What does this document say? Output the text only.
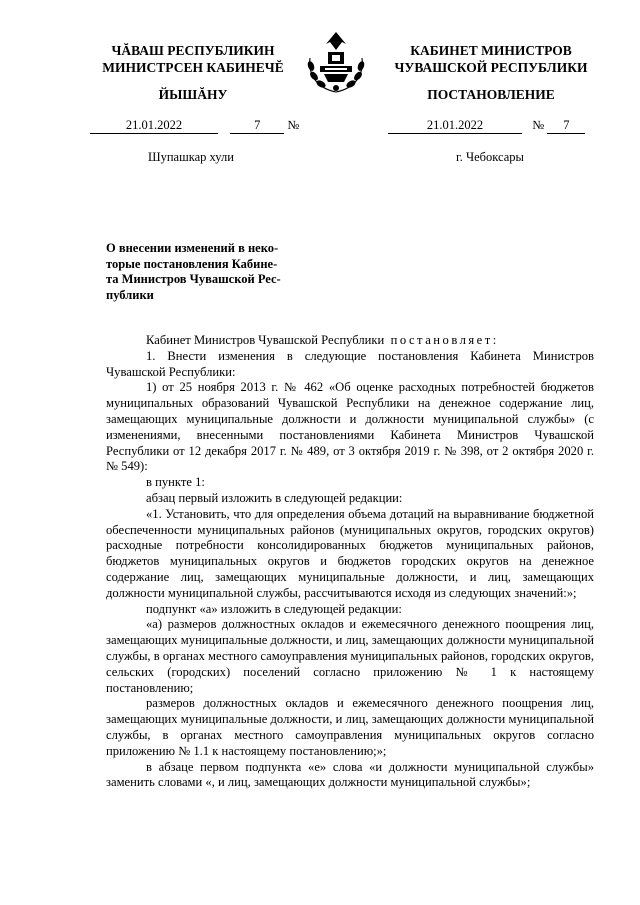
ЧĂВАШ РЕСПУБЛИКИН
МИНИСТРСЕН КАБИНЕЧĔ
КАБИНЕТ МИНИСТРОВ
ЧУВАШСКОЙ РЕСПУБЛИКИ
ЙЫШĂНУ	ПОСТАНОВЛЕНИЕ
21.01.2022	7 №	21.01.2022	№ 7
Шупашкар хули	г. Чебоксары
О внесении изменений в неко-
торые постановления Кабине-
та Министров Чувашской Рес-
публики

Кабинет Министров Чувашской Республики постановляет:

1. Внести изменения в следующие постановления Кабинета Министров Чувашской Республики:

1) от 25 ноября 2013 г. № 462 «Об оценке расходных потребностей бюджетов муниципальных образований Чувашской Республики на денежное содержание лиц, замещающих муниципальные должности и должности муниципальной службы» (с изменениями, внесенными постановлениями Кабинета Министров Чувашской Республики от 12 декабря 2017 г. № 489, от 3 октября 2019 г. № 398, от 2 октября 2020 г. № 549):

в пункте 1:

абзац первый изложить в следующей редакции:

«1. Установить, что для определения объема дотаций на выравнивание бюджетной обеспеченности муниципальных районов (муниципальных округов, городских округов) расходные потребности консолидированных бюджетов муниципальных районов, бюджетов муниципальных округов и бюджетов городских округов на денежное содержание лиц, замещающих муниципальные должности, и лиц, замещающих должности муниципальной службы, рассчитываются исходя из следующих значений:»;

подпункт «а» изложить в следующей редакции:

«а) размеров должностных окладов и ежемесячного денежного поощрения лиц, замещающих муниципальные должности, и лиц, замещающих должности муниципальной службы, в органах местного самоуправления муниципальных районов, городских округов, сельских (городских) поселений согласно приложению № 1 к настоящему постановлению;

размеров должностных окладов и ежемесячного денежного поощрения лиц, замещающих муниципальные должности, и лиц, замещающих должности муниципальной службы, в органах местного самоуправления муниципальных округов согласно приложению № 1.1 к настоящему постановлению;»;

в абзаце первом подпункта «е» слова «и должности муниципальной службы» заменить словами «, и лиц, замещающих должности муниципальной службы»;
